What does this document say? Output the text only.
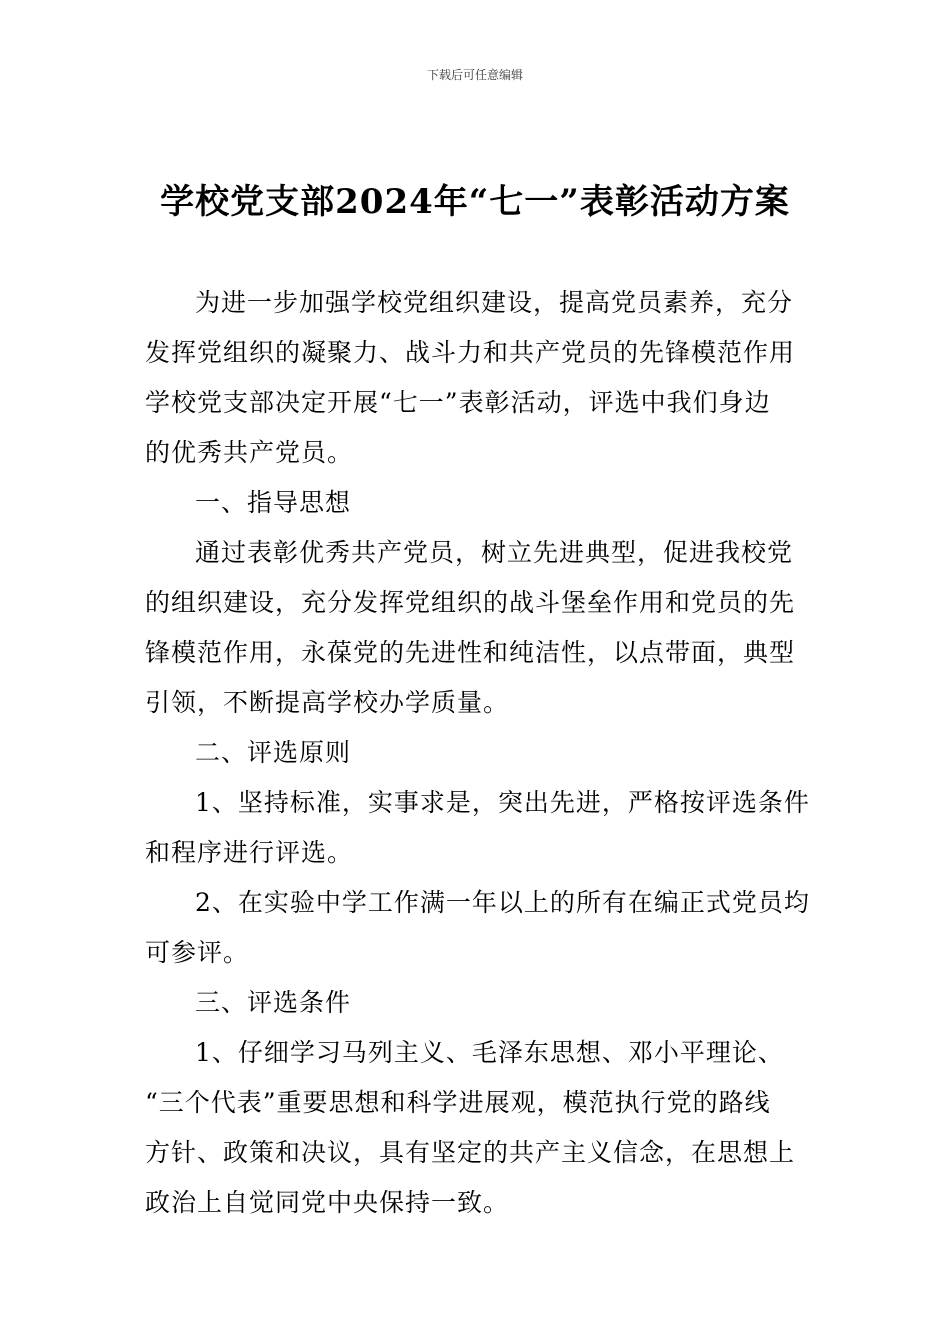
下载后可任意编辑
学校党支部2024年“七一”表彰活动方案
为进一步加强学校党组织建设，提高党员素养，充分
发挥党组织的凝聚力、战斗力和共产党员的先锋模范作用
学校党支部决定开展“七一”表彰活动，评选中我们身边
的优秀共产党员。
一、指导思想
通过表彰优秀共产党员，树立先进典型，促进我校党
的组织建设，充分发挥党组织的战斗堡垒作用和党员的先
锋模范作用，永葆党的先进性和纯洁性，以点带面，典型
引领，不断提高学校办学质量。
二、评选原则
1、坚持标准，实事求是，突出先进，严格按评选条件
和程序进行评选。
2、在实验中学工作满一年以上的所有在编正式党员均
可参评。
三、评选条件
1、仔细学习马列主义、毛泽东思想、邓小平理论、
“三个代表”重要思想和科学进展观，模范执行党的路线
方针、政策和决议，具有坚定的共产主义信念，在思想上
政治上自觉同党中央保持一致。
